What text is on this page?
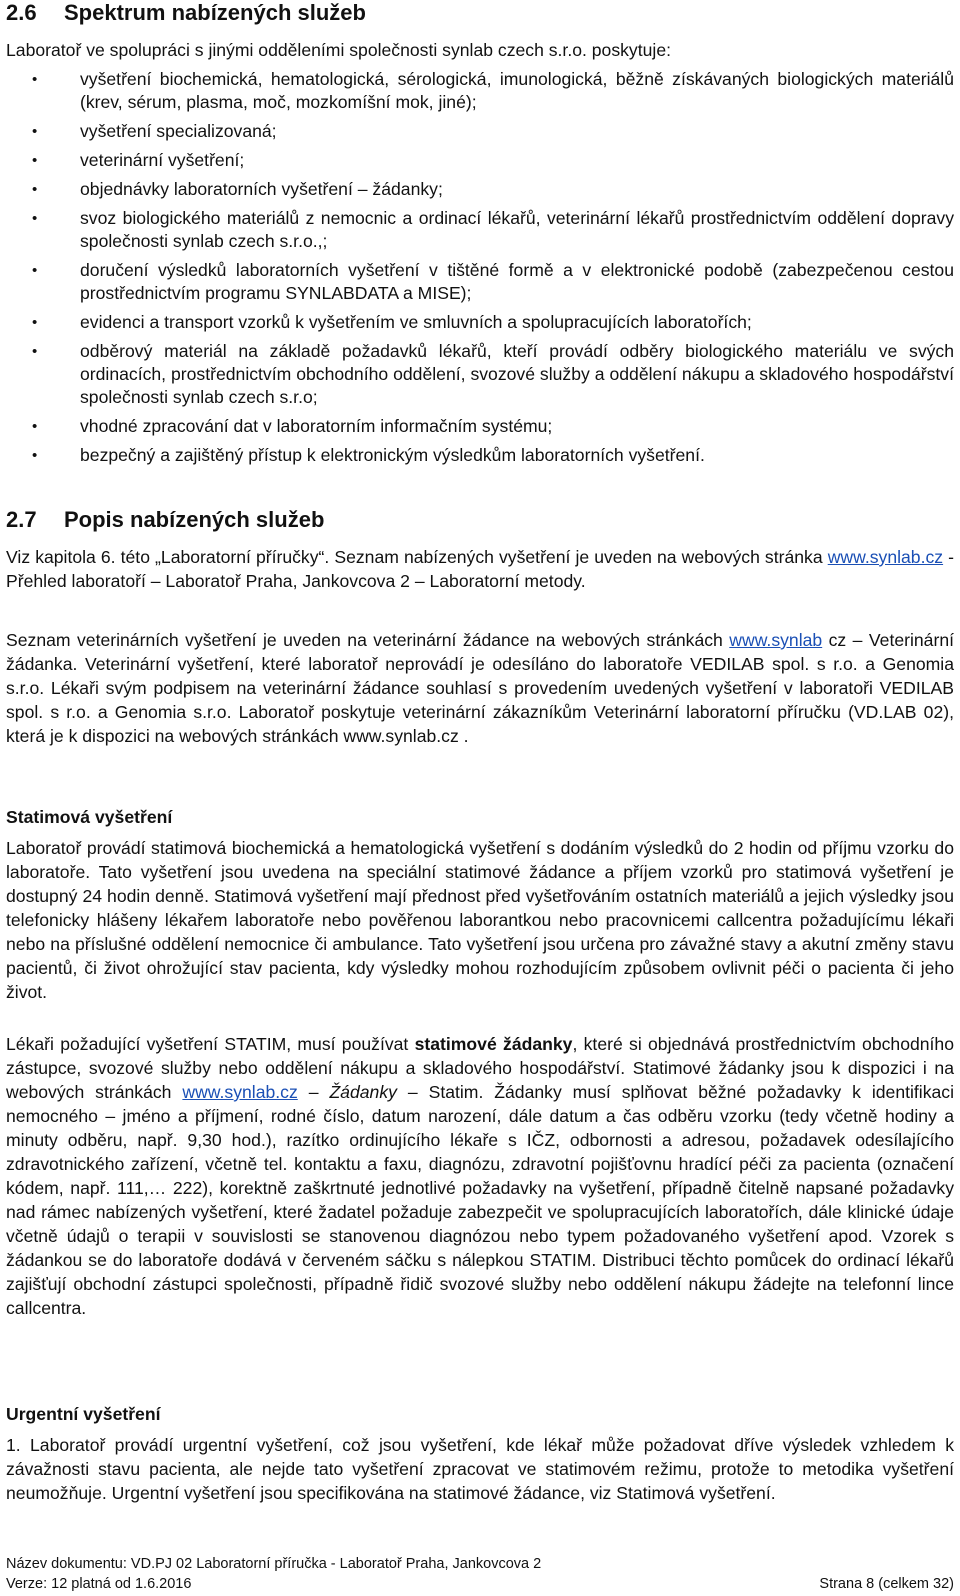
2.6 Spektrum nabízených služeb

Laboratoř ve spolupráci s jinými odděleními společnosti synlab czech s.r.o. poskytuje:

• vyšetření biochemická, hematologická, sérologická, imunologická, běžně získávaných biologických materiálů (krev, sérum, plasma, moč, mozkomíšní mok, jiné);
• vyšetření specializovaná;
• veterinární vyšetření;
• objednávky laboratorních vyšetření – žádanky;
• svoz biologického materiálů z nemocnic a ordinací lékařů, veterinární lékařů prostřednictvím oddělení dopravy společnosti synlab czech s.r.o.,;
• doručení výsledků laboratorních vyšetření v tištěné formě a v elektronické podobě (zabezpečenou cestou prostřednictvím programu SYNLABDATA a MISE);
• evidenci a transport vzorků k vyšetřením ve smluvních a spolupracujících laboratořích;
• odběrový materiál na základě požadavků lékařů, kteří provádí odběry biologického materiálu ve svých ordinacích, prostřednictvím obchodního oddělení, svozové služby a oddělení nákupu a skladového hospodářství společnosti synlab czech s.r.o;
• vhodné zpracování dat v laboratorním informačním systému;
• bezpečný a zajištěný přístup k elektronickým výsledkům laboratorních vyšetření.
2.7 Popis nabízených služeb

Viz kapitola 6. této „Laboratorní příručky“. Seznam nabízených vyšetření je uveden na webových stránka www.synlab.cz - Přehled laboratoří – Laboratoř Praha, Jankovcova 2 – Laboratorní metody.

Seznam veterinárních vyšetření je uveden na veterinární žádance na webových stránkách www.synlab cz – Veterinární žádanka. Veterinární vyšetření, které laboratoř neprovádí je odesíláno do laboratoře VEDILAB spol. s r.o. a Genomia s.r.o. Lékaři svým podpisem na veterinární žádance souhlasí s provedením uvedených vyšetření v laboratoři VEDILAB spol. s r.o. a Genomia s.r.o. Laboratoř poskytuje veterinární zákazníkům Veterinární laboratorní příručku (VD.LAB 02), která je k dispozici na webových stránkách www.synlab.cz .

Statimová vyšetření

Laboratoř provádí statimová biochemická a hematologická vyšetření s dodáním výsledků do 2 hodin od příjmu vzorku do laboratoře. Tato vyšetření jsou uvedena na speciální statimové žádance a příjem vzorků pro statimová vyšetření je dostupný 24 hodin denně. Statimová vyšetření mají přednost před vyšetřováním ostatních materiálů a jejich výsledky jsou telefonicky hlášeny lékařem laboratoře nebo pověřenou laborantkou nebo pracovnicemi callcentra požadujícímu lékaři nebo na příslušné oddělení nemocnice či ambulance. Tato vyšetření jsou určena pro závažné stavy a akutní změny stavu pacientů, či život ohrožující stav pacienta, kdy výsledky mohou rozhodujícím způsobem ovlivnit péči o pacienta či jeho život.

Lékaři požadující vyšetření STATIM, musí používat statimové žádanky, které si objednává prostřednictvím obchodního zástupce, svozové služby nebo oddělení nákupu a skladového hospodářství. Statimové žádanky jsou k dispozici i na webových stránkách www.synlab.cz – Žádanky – Statim. Žádanky musí splňovat běžné požadavky k identifikaci nemocného – jméno a příjmení, rodné číslo, datum narození, dále datum a čas odběru vzorku (tedy včetně hodiny a minuty odběru, např. 9,30 hod.), razítko ordinujícího lékaře s IČZ, odbornosti a adresou, požadavek odesílajícího zdravotnického zařízení, včetně tel. kontaktu a faxu, diagnózu, zdravotní pojišťovnu hradící péči za pacienta (označení kódem, např. 111,… 222), korektně zaškrtnuté jednotlivé požadavky na vyšetření, případně čitelně napsané požadavky nad rámec nabízených vyšetření, které žadatel požaduje zabezpečit ve spolupracujících laboratořích, dále klinické údaje včetně údajů o terapii v souvislosti se stanovenou diagnózou nebo typem požadovaného vyšetření apod. Vzorek s žádankou se do laboratoře dodává v červeném sáčku s nálepkou STATIM. Distribuci těchto pomůcek do ordinací lékařů zajišťují obchodní zástupci společnosti, případně řidič svozové služby nebo oddělení nákupu žádejte na telefonní lince callcentra.

Urgentní vyšetření

1. Laboratoř provádí urgentní vyšetření, což jsou vyšetření, kde lékař může požadovat dříve výsledek vzhledem k závažnosti stavu pacienta, ale nejde tato vyšetření zpracovat ve statimovém režimu, protože to metodika vyšetření neumožňuje. Urgentní vyšetření jsou specifikována na statimové žádance, viz Statimová vyšetření.

Název dokumentu: VD.PJ 02 Laboratorní příručka - Laboratoř Praha, Jankovcova 2
Verze: 12 platná od 1.6.2016	Strana 8 (celkem 32)
